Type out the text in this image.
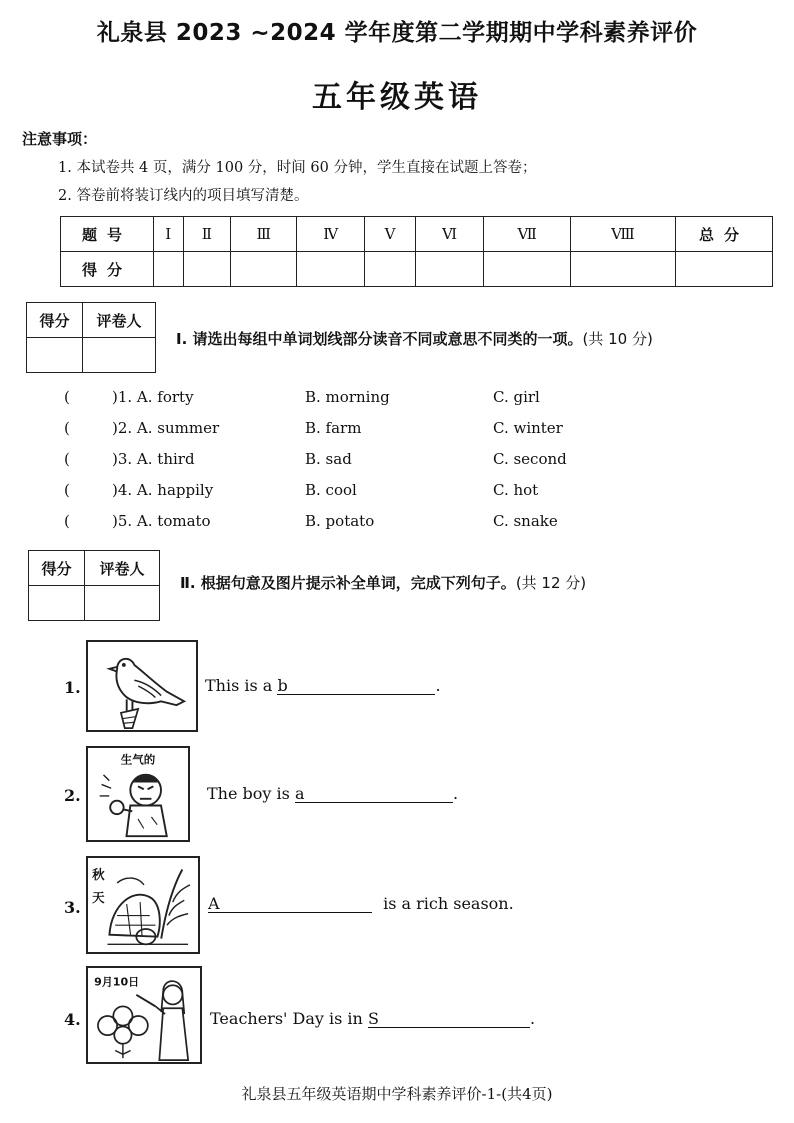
礼泉县 2023 ~2024 学年度第二学期期中学科素养评价
五年级英语
注意事项：
1. 本试卷共 4 页，满分 100 分，时间 60 分钟，学生直接在试题上答卷；
2. 答卷前将装订线内的项目填写清楚。
题号	Ⅰ	Ⅱ	Ⅲ	Ⅳ	Ⅴ	Ⅵ	Ⅶ	Ⅷ	总分
得分									
得分	评卷人

Ⅰ. 请选出每组中单词划线部分读音不同或意思不同类的一项。(共 10 分)
(	)1. A. forty	B. morning	C. girl
(	)2. A. summer	B. farm	C. winter
(	)3. A. third	B. sad	C. second
(	)4. A. happily	B. cool	C. hot
(	)5. A. tomato	B. potato	C. snake
得分	评卷人

Ⅱ. 根据句意及图片提示补全单词，完成下列句子。(共 12 分)
1.	This is a b	.
2.
生气的
The boy is a	.
3.
秋
天	A	is a rich season.
4.
9月10日
Teachers' Day is in S	.
礼泉县五年级英语期中学科素养评价-1-(共4页)
